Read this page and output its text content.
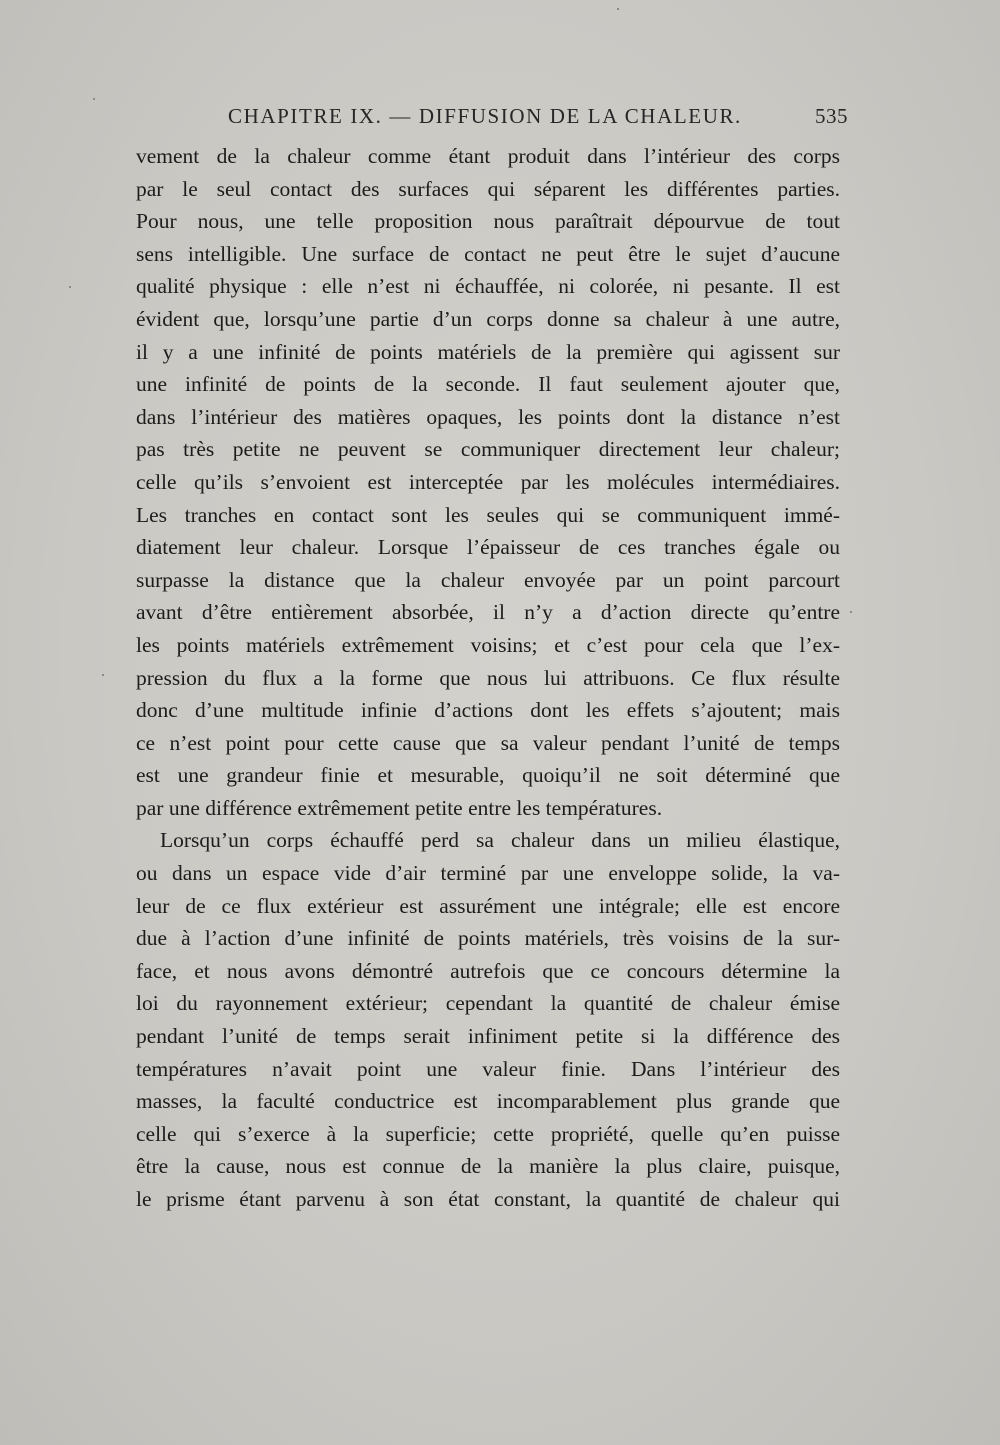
CHAPITRE IX. — DIFFUSION DE LA CHALEUR.	535
vement de la chaleur comme étant produit dans l’intérieur des corps
par le seul contact des surfaces qui séparent les différentes parties.
Pour nous, une telle proposition nous paraîtrait dépourvue de tout
sens intelligible. Une surface de contact ne peut être le sujet d’aucune
qualité physique : elle n’est ni échauffée, ni colorée, ni pesante. Il est
évident que, lorsqu’une partie d’un corps donne sa chaleur à une autre,
il y a une infinité de points matériels de la première qui agissent sur
une infinité de points de la seconde. Il faut seulement ajouter que,
dans l’intérieur des matières opaques, les points dont la distance n’est
pas très petite ne peuvent se communiquer directement leur chaleur;
celle qu’ils s’envoient est interceptée par les molécules intermédiaires.
Les tranches en contact sont les seules qui se communiquent immé-
diatement leur chaleur. Lorsque l’épaisseur de ces tranches égale ou
surpasse la distance que la chaleur envoyée par un point parcourt
avant d’être entièrement absorbée, il n’y a d’action directe qu’entre
les points matériels extrêmement voisins; et c’est pour cela que l’ex-
pression du flux a la forme que nous lui attribuons. Ce flux résulte
donc d’une multitude infinie d’actions dont les effets s’ajoutent; mais
ce n’est point pour cette cause que sa valeur pendant l’unité de temps
est une grandeur finie et mesurable, quoiqu’il ne soit déterminé que
par une différence extrêmement petite entre les températures.
Lorsqu’un corps échauffé perd sa chaleur dans un milieu élastique,
ou dans un espace vide d’air terminé par une enveloppe solide, la va-
leur de ce flux extérieur est assurément une intégrale; elle est encore
due à l’action d’une infinité de points matériels, très voisins de la sur-
face, et nous avons démontré autrefois que ce concours détermine la
loi du rayonnement extérieur; cependant la quantité de chaleur émise
pendant l’unité de temps serait infiniment petite si la différence des
températures n’avait point une valeur finie. Dans l’intérieur des
masses, la faculté conductrice est incomparablement plus grande que
celle qui s’exerce à la superficie; cette propriété, quelle qu’en puisse
être la cause, nous est connue de la manière la plus claire, puisque,
le prisme étant parvenu à son état constant, la quantité de chaleur qui
